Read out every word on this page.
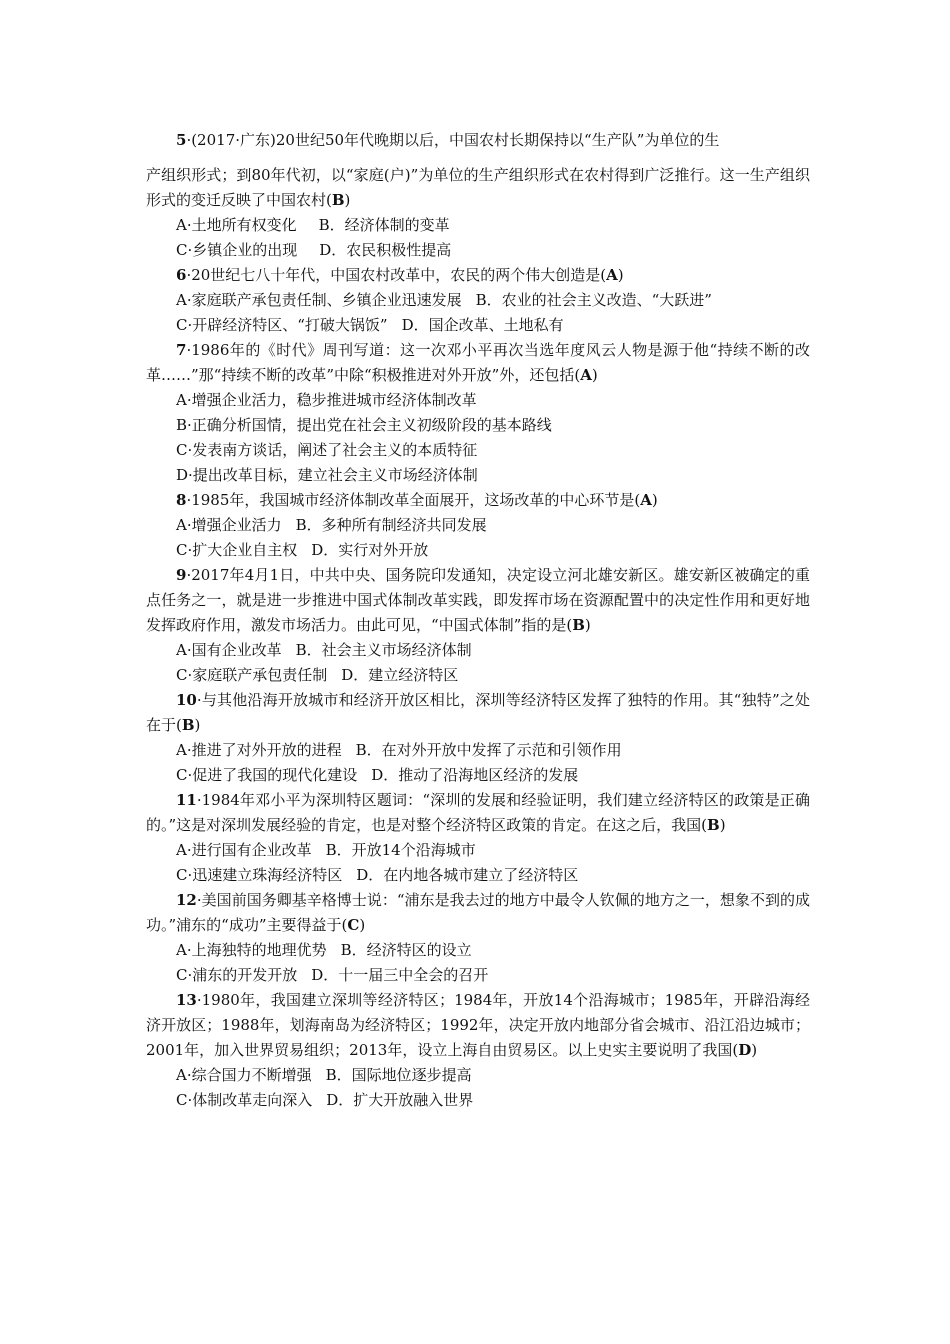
5·(2017·广东)20世纪50年代晚期以后，中国农村长期保持以“生产队”为单位的生
产组织形式；到80年代初，以“家庭(户)”为单位的生产组织形式在农村得到广泛推行。这一生产组织形式的变迁反映了中国农村(B)

A·土地所有权变化 B．经济体制的变革
C·乡镇企业的出现 D．农民积极性提高

6·20世纪七八十年代，中国农村改革中，农民的两个伟大创造是(A)

A·家庭联产承包责任制、乡镇企业迅速发展 B．农业的社会主义改造、“大跃进”
C·开辟经济特区、“打破大锅饭” D．国企改革、土地私有

7·1986年的《时代》周刊写道：这一次邓小平再次当选年度风云人物是源于他“持续不断的改革……”那“持续不断的改革”中除“积极推进对外开放”外，还包括(A)

A·增强企业活力，稳步推进城市经济体制改革
B·正确分析国情，提出党在社会主义初级阶段的基本路线
C·发表南方谈话，阐述了社会主义的本质特征
D·提出改革目标，建立社会主义市场经济体制

8·1985年，我国城市经济体制改革全面展开，这场改革的中心环节是(A)

A·增强企业活力 B．多种所有制经济共同发展
C·扩大企业自主权 D．实行对外开放

9·2017年4月1日，中共中央、国务院印发通知，决定设立河北雄安新区。雄安新区被确定的重点任务之一，就是进一步推进中国式体制改革实践，即发挥市场在资源配置中的决定性作用和更好地发挥政府作用，激发市场活力。由此可见，“中国式体制”指的是(B)

A·国有企业改革 B．社会主义市场经济体制
C·家庭联产承包责任制 D．建立经济特区

10·与其他沿海开放城市和经济开放区相比，深圳等经济特区发挥了独特的作用。其“独特”之处在于(B)

A·推进了对外开放的进程 B．在对外开放中发挥了示范和引领作用
C·促进了我国的现代化建设 D．推动了沿海地区经济的发展

11·1984年邓小平为深圳特区题词：“深圳的发展和经验证明，我们建立经济特区的政策是正确的。”这是对深圳发展经验的肯定，也是对整个经济特区政策的肯定。在这之后，我国(B)

A·进行国有企业改革 B．开放14个沿海城市
C·迅速建立珠海经济特区 D．在内地各城市建立了经济特区

12·美国前国务卿基辛格博士说：“浦东是我去过的地方中最令人钦佩的地方之一，想象不到的成功。”浦东的“成功”主要得益于(C)

A·上海独特的地理优势 B．经济特区的设立
C·浦东的开发开放 D．十一届三中全会的召开

13·1980年，我国建立深圳等经济特区；1984年，开放14个沿海城市；1985年，开辟沿海经济开放区；1988年，划海南岛为经济特区；1992年，决定开放内地部分省会城市、沿江沿边城市；2001年，加入世界贸易组织；2013年，设立上海自由贸易区。以上史实主要说明了我国(D)

A·综合国力不断增强 B．国际地位逐步提高
C·体制改革走向深入 D．扩大开放融入世界
